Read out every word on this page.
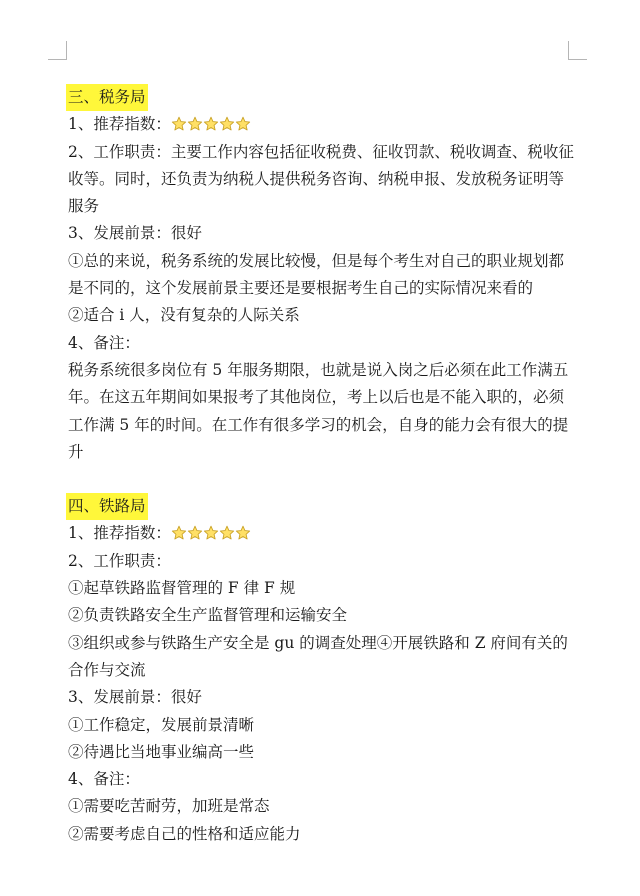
三、税务局
1、推荐指数：
2、工作职责：主要工作内容包括征收税费、征收罚款、税收调查、税收征收等。同时，还负责为纳税人提供税务咨询、纳税申报、发放税务证明等服务
3、发展前景：很好
①总的来说，税务系统的发展比较慢，但是每个考生对自己的职业规划都是不同的，这个发展前景主要还是要根据考生自己的实际情况来看的
②适合 i 人，没有复杂的人际关系
4、备注：
税务系统很多岗位有 5 年服务期限，也就是说入岗之后必须在此工作满五年。在这五年期间如果报考了其他岗位，考上以后也是不能入职的，必须工作满 5 年的时间。在工作有很多学习的机会，自身的能力会有很大的提升
四、铁路局
1、推荐指数：
2、工作职责：
①起草铁路监督管理的 F 律 F 规
②负责铁路安全生产监督管理和运输安全
③组织或参与铁路生产安全是 gu 的调查处理④开展铁路和 Z 府间有关的合作与交流
3、发展前景：很好
①工作稳定，发展前景清晰
②待遇比当地事业编高一些
4、备注：
①需要吃苦耐劳，加班是常态
②需要考虑自己的性格和适应能力
